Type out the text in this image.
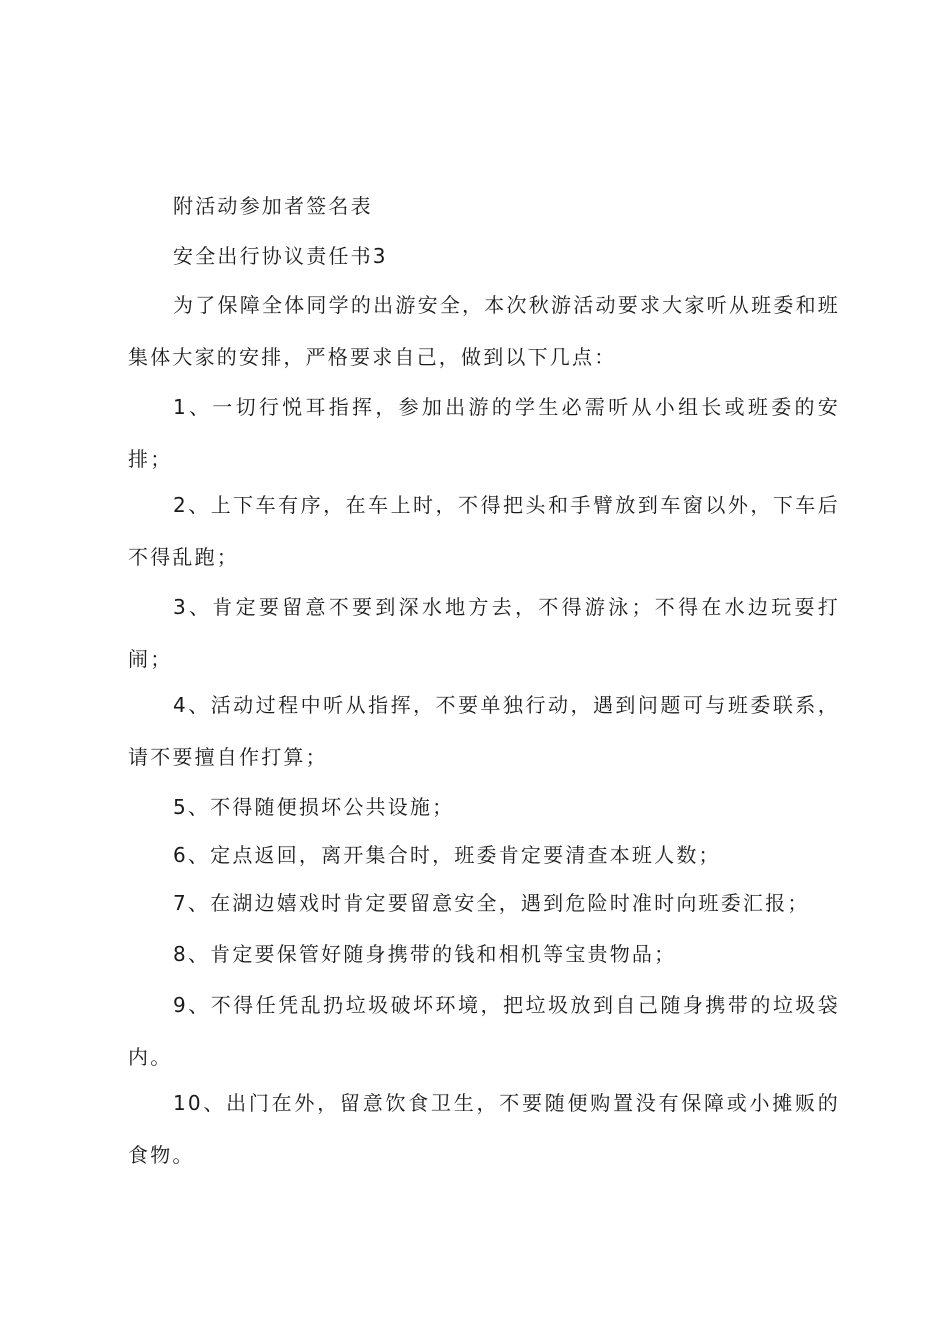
附活动参加者签名表
安全出行协议责任书3
为了保障全体同学的出游安全，本次秋游活动要求大家听从班委和班集体大家的安排，严格要求自己，做到以下几点：
1、一切行悦耳指挥，参加出游的学生必需听从小组长或班委的安排；
2、上下车有序，在车上时，不得把头和手臂放到车窗以外，下车后不得乱跑；
3、肯定要留意不要到深水地方去，不得游泳；不得在水边玩耍打闹；
4、活动过程中听从指挥，不要单独行动，遇到问题可与班委联系，请不要擅自作打算；
5、不得随便损坏公共设施；
6、定点返回，离开集合时，班委肯定要清查本班人数；
7、在湖边嬉戏时肯定要留意安全，遇到危险时准时向班委汇报；
8、肯定要保管好随身携带的钱和相机等宝贵物品；
9、不得任凭乱扔垃圾破坏环境，把垃圾放到自己随身携带的垃圾袋内。
10、出门在外，留意饮食卫生，不要随便购置没有保障或小摊贩的食物。
